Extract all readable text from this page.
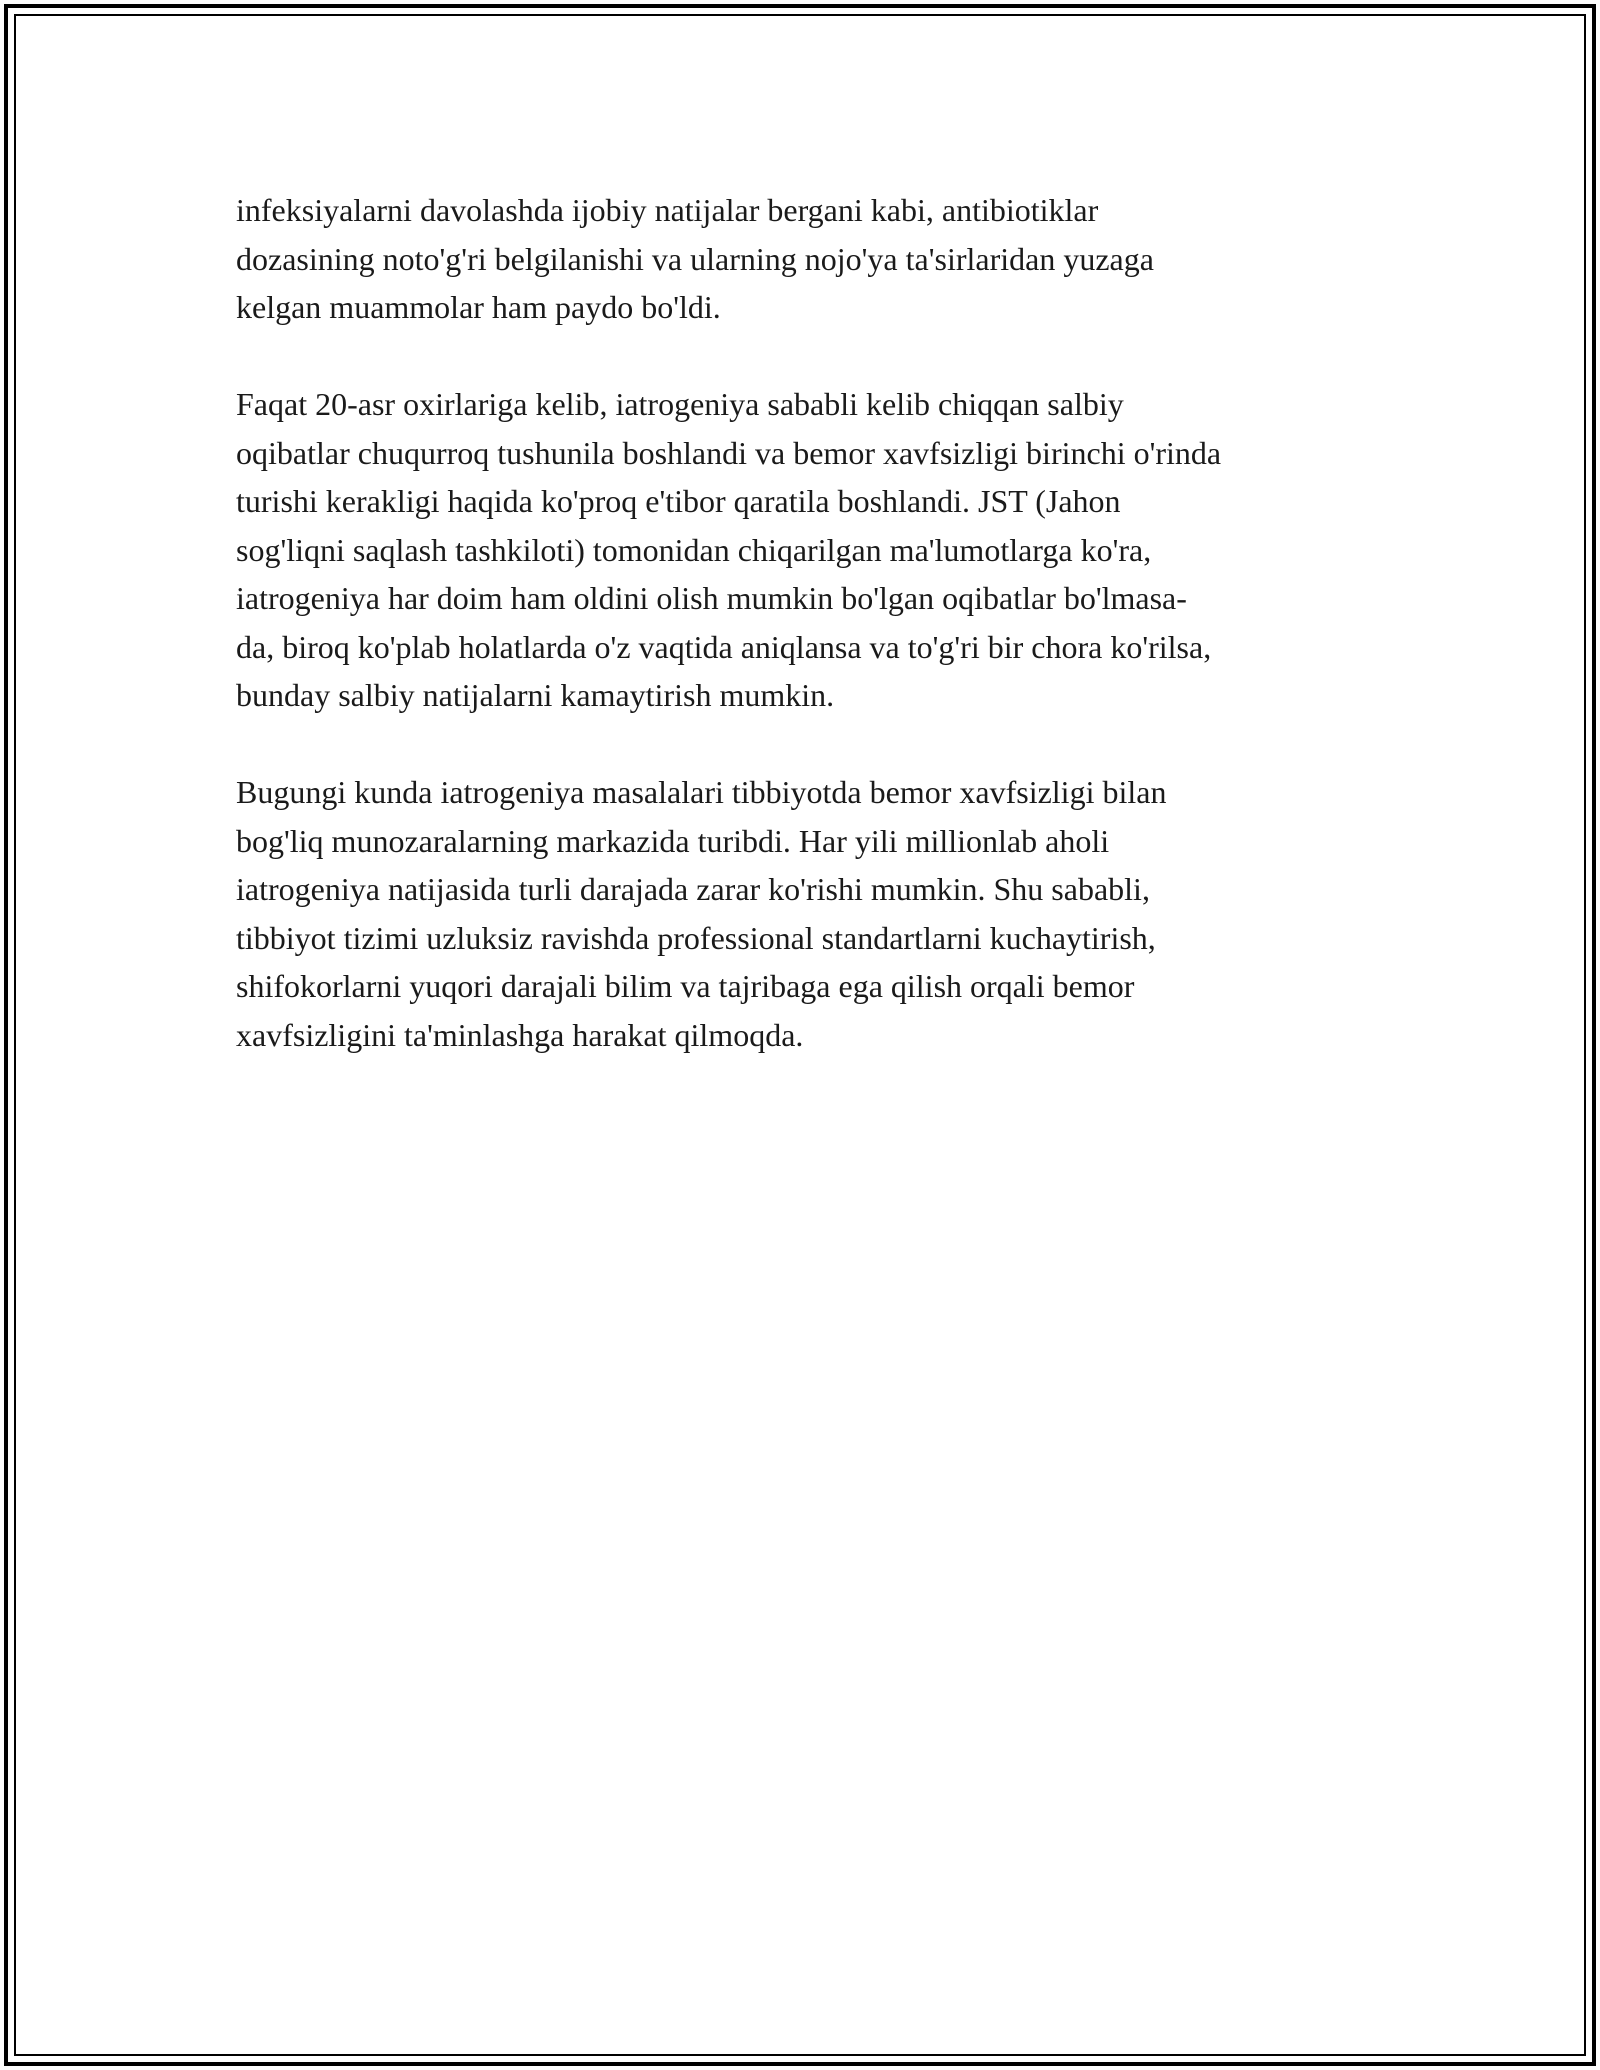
infeksiyalarni davolashda ijobiy natijalar bergani kabi, antibiotiklar
dozasining noto'g'ri belgilanishi va ularning nojo'ya ta'sirlaridan yuzaga
kelgan muammolar ham paydo bo'ldi.
Faqat 20-asr oxirlariga kelib, iatrogeniya sababli kelib chiqqan salbiy
oqibatlar chuqurroq tushunila boshlandi va bemor xavfsizligi birinchi o'rinda
turishi kerakligi haqida ko'proq e'tibor qaratila boshlandi. JST (Jahon
sog'liqni saqlash tashkiloti) tomonidan chiqarilgan ma'lumotlarga ko'ra,
iatrogeniya har doim ham oldini olish mumkin bo'lgan oqibatlar bo'lmasa-
da, biroq ko'plab holatlarda o'z vaqtida aniqlansa va to'g'ri bir chora ko'rilsa,
bunday salbiy natijalarni kamaytirish mumkin.
Bugungi kunda iatrogeniya masalalari tibbiyotda bemor xavfsizligi bilan
bog'liq munozaralarning markazida turibdi. Har yili millionlab aholi
iatrogeniya natijasida turli darajada zarar ko'rishi mumkin. Shu sababli,
tibbiyot tizimi uzluksiz ravishda professional standartlarni kuchaytirish,
shifokorlarni yuqori darajali bilim va tajribaga ega qilish orqali bemor
xavfsizligini ta'minlashga harakat qilmoqda.
